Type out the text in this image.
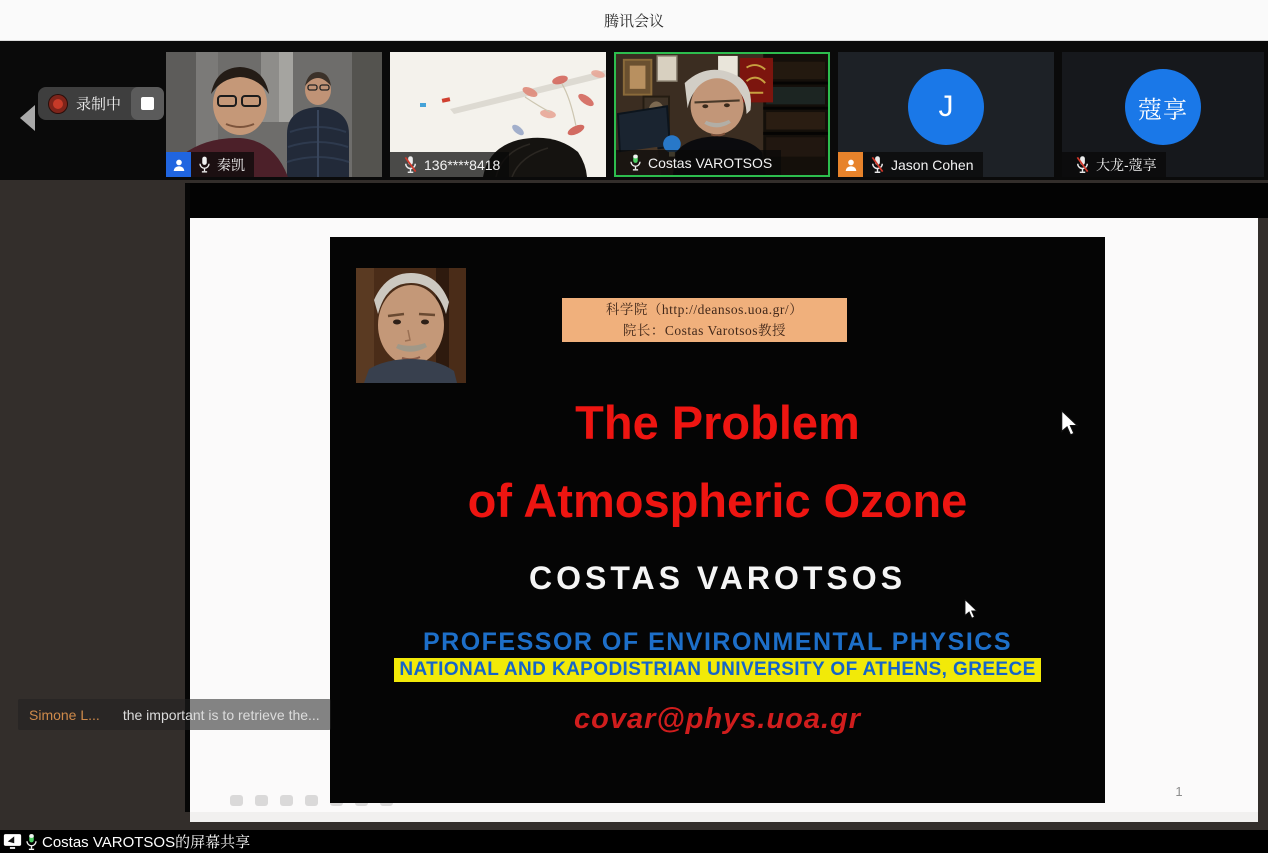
腾讯会议
录制中
秦凯	136****8418	Costas VAROTSOS
J
Jason Cohen
蔻享
大龙-蔻享
1
科学院（http://deansos.uoa.gr/）
院长：Costas Varotsos教授
The Problem
of Atmospheric Ozone
COSTAS VAROTSOS
PROFESSOR OF ENVIRONMENTAL PHYSICS
NATIONAL AND KAPODISTRIAN UNIVERSITY OF ATHENS, GREECE
covar@phys.uoa.gr
Simone L... the important is to retrieve the...
Costas VAROTSOS的屏幕共享
